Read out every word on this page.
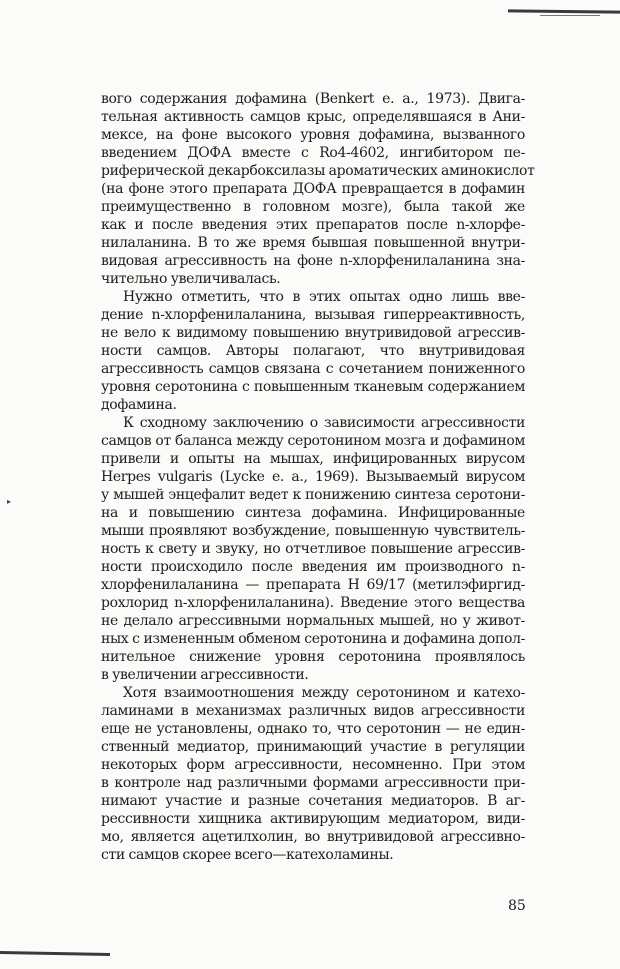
▸
вого содержания дофамина (Benkert e. a., 1973). Двига-
тельная активность самцов крыс, определявшаяся в Ани-
мексе, на фоне высокого уровня дофамина, вызванного
введением ДОФА вместе с Ro4-4602, ингибитором пе-
риферической декарбоксилазы ароматических аминокислот
(на фоне этого препарата ДОФА превращается в дофамин
преимущественно в головном мозге), была такой же
как и после введения этих препаратов после n-хлорфе-
нилаланина. В то же время бывшая повышенной внутри-
видовая агрессивность на фоне n-хлорфенилаланина зна-
чительно увеличивалась.
Нужно отметить, что в этих опытах одно лишь вве-
дение n-хлорфенилаланина, вызывая гиперреактивность,
не вело к видимому повышению внутривидовой агрессив-
ности самцов. Авторы полагают, что внутривидовая
агрессивность самцов связана с сочетанием пониженного
уровня серотонина с повышенным тканевым содержанием
дофамина.
К сходному заключению о зависимости агрессивности
самцов от баланса между серотонином мозга и дофамином
привели и опыты на мышах, инфицированных вирусом
Herpes vulgaris (Lycke e. a., 1969). Вызываемый вирусом
у мышей энцефалит ведет к понижению синтеза серотони-
на и повышению синтеза дофамина. Инфицированные
мыши проявляют возбуждение, повышенную чувствитель-
ность к свету и звуку, но отчетливое повышение агрессив-
ности происходило после введения им производного n-
хлорфенилаланина — препарата H 69/17 (метилэфиргид-
рохлорид n-хлорфенилаланина). Введение этого вещества
не делало агрессивными нормальных мышей, но у живот-
ных с измененным обменом серотонина и дофамина допол-
нительное снижение уровня серотонина проявлялось
в увеличении агрессивности.
Хотя взаимоотношения между серотонином и катехо-
ламинами в механизмах различных видов агрессивности
еще не установлены, однако то, что серотонин — не един-
ственный медиатор, принимающий участие в регуляции
некоторых форм агрессивности, несомненно. При этом
в контроле над различными формами агрессивности при-
нимают участие и разные сочетания медиаторов. В аг-
рессивности хищника активирующим медиатором, види-
мо, является ацетилхолин, во внутривидовой агрессивно-
сти самцов скорее всего—катехоламины.
85
